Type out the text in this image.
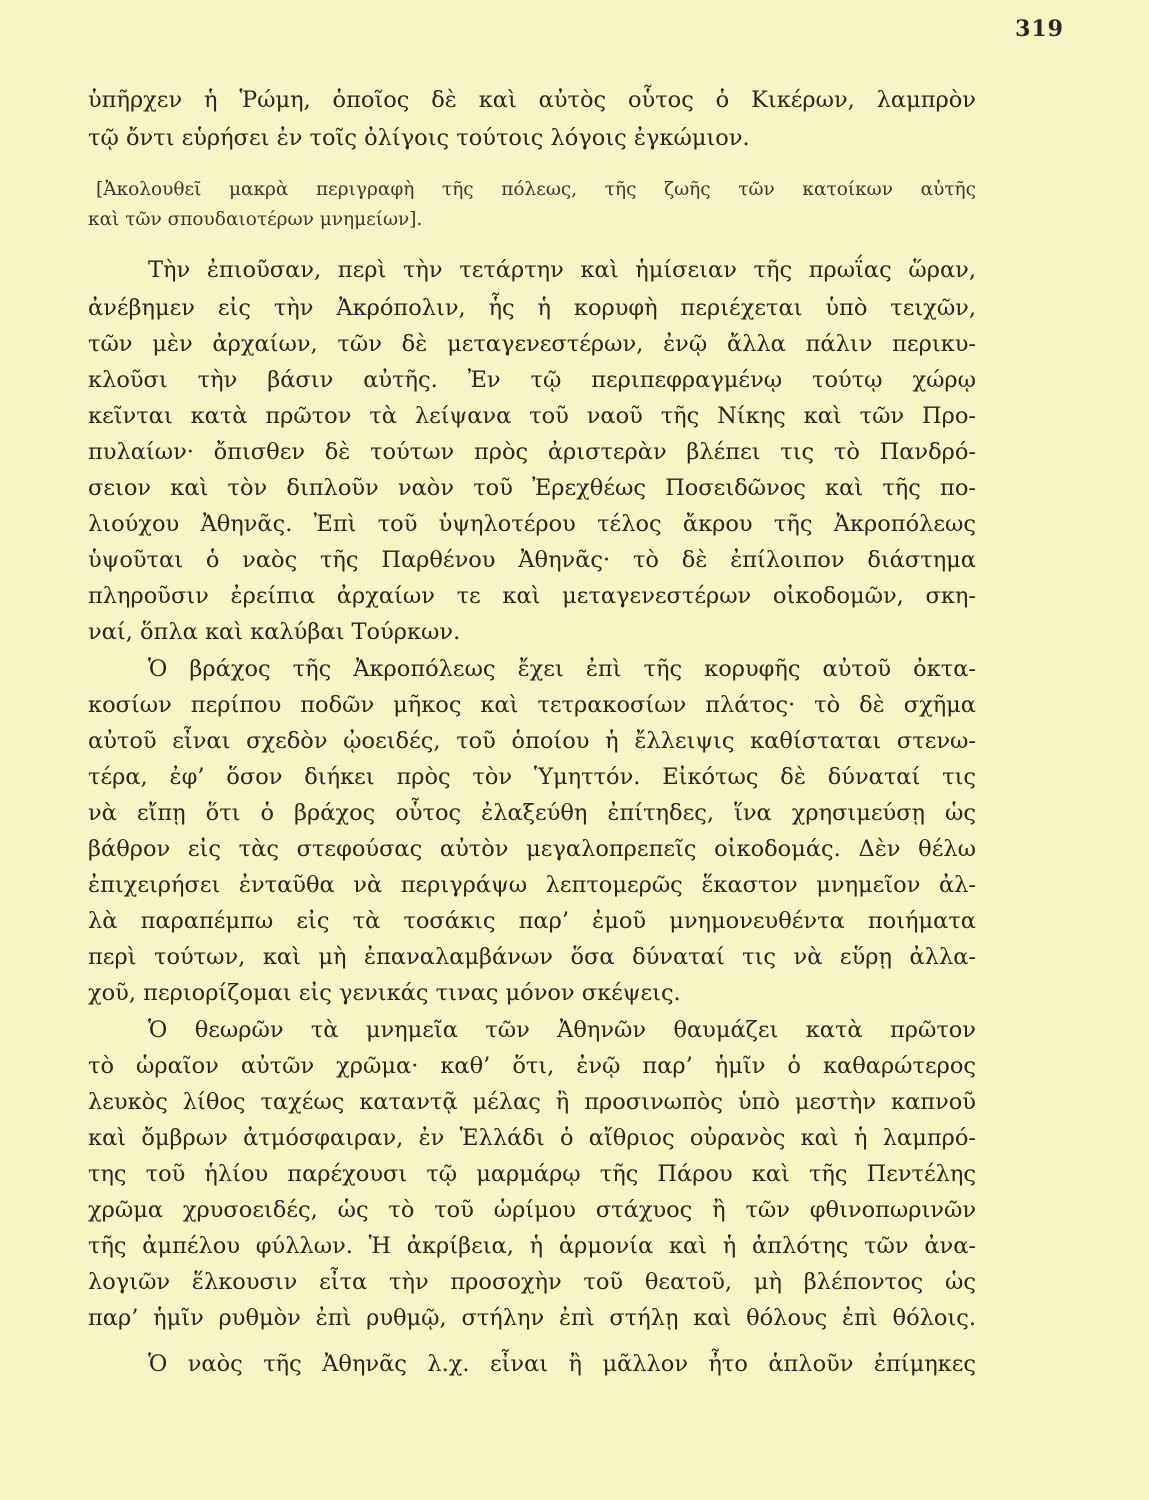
319
ὑπῆρχεν ἡ Ῥώμη, ὁποῖος δὲ καὶ αὐτὸς οὗτος ὁ Κικέρων, λαμπρὸν
τῷ ὄντι εὑρήσει ἐν τοῖς ὀλίγοις τούτοις λόγοις ἐγκώμιον.
[Ἀκολουθεῖ μακρὰ περιγραφὴ τῆς πόλεως, τῆς ζωῆς τῶν κατοίκων αὐτῆς
καὶ τῶν σπουδαιοτέρων μνημείων].
Τὴν ἐπιοῦσαν, περὶ τὴν τετάρτην καὶ ἡμίσειαν τῆς πρωΐας ὥραν,
ἀνέβημεν εἰς τὴν Ἀκρόπολιν, ἧς ἡ κορυφὴ περιέχεται ὑπὸ τειχῶν,
τῶν μὲν ἀρχαίων, τῶν δὲ μεταγενεστέρων, ἐνῷ ἄλλα πάλιν περικυ-
κλοῦσι τὴν βάσιν αὐτῆς. Ἐν τῷ περιπεφραγμένῳ τούτῳ χώρῳ
κεῖνται κατὰ πρῶτον τὰ λείψανα τοῦ ναοῦ τῆς Νίκης καὶ τῶν Προ-
πυλαίων· ὄπισθεν δὲ τούτων πρὸς ἀριστερὰν βλέπει τις τὸ Πανδρό-
σειον καὶ τὸν διπλοῦν ναὸν τοῦ Ἐρεχθέως Ποσειδῶνος καὶ τῆς πο-
λιούχου Ἀθηνᾶς. Ἐπὶ τοῦ ὑψηλοτέρου τέλος ἄκρου τῆς Ἀκροπόλεως
ὑψοῦται ὁ ναὸς τῆς Παρθένου Ἀθηνᾶς· τὸ δὲ ἐπίλοιπον διάστημα
πληροῦσιν ἐρείπια ἀρχαίων τε καὶ μεταγενεστέρων οἰκοδομῶν, σκη-
ναί, ὅπλα καὶ καλύβαι Τούρκων.
Ὁ βράχος τῆς Ἀκροπόλεως ἔχει ἐπὶ τῆς κορυφῆς αὐτοῦ ὀκτα-
κοσίων περίπου ποδῶν μῆκος καὶ τετρακοσίων πλάτος· τὸ δὲ σχῆμα
αὐτοῦ εἶναι σχεδὸν ᾠοειδές, τοῦ ὁποίου ἡ ἔλλειψις καθίσταται στενω-
τέρα, ἐφ’ ὅσον διήκει πρὸς τὸν Ὑμηττόν. Εἰκότως δὲ δύναταί τις
νὰ εἴπῃ ὅτι ὁ βράχος οὗτος ἐλαξεύθη ἐπίτηδες, ἵνα χρησιμεύσῃ ὡς
βάθρον εἰς τὰς στεφούσας αὐτὸν μεγαλοπρεπεῖς οἰκοδομάς. Δὲν θέλω
ἐπιχειρήσει ἐνταῦθα νὰ περιγράψω λεπτομερῶς ἕκαστον μνημεῖον ἀλ-
λὰ παραπέμπω εἰς τὰ τοσάκις παρ’ ἐμοῦ μνημονευθέντα ποιήματα
περὶ τούτων, καὶ μὴ ἐπαναλαμβάνων ὅσα δύναταί τις νὰ εὕρῃ ἀλλα-
χοῦ, περιορίζομαι εἰς γενικάς τινας μόνον σκέψεις.
Ὁ θεωρῶν τὰ μνημεῖα τῶν Ἀθηνῶν θαυμάζει κατὰ πρῶτον
τὸ ὡραῖον αὐτῶν χρῶμα· καθ’ ὅτι, ἐνῷ παρ’ ἡμῖν ὁ καθαρώτερος
λευκὸς λίθος ταχέως καταντᾷ μέλας ἢ προσινωπὸς ὑπὸ μεστὴν καπνοῦ
καὶ ὄμβρων ἀτμόσφαιραν, ἐν Ἑλλάδι ὁ αἴθριος οὐρανὸς καὶ ἡ λαμπρό-
της τοῦ ἡλίου παρέχουσι τῷ μαρμάρῳ τῆς Πάρου καὶ τῆς Πεντέλης
χρῶμα χρυσοειδές, ὡς τὸ τοῦ ὡρίμου στάχυος ἢ τῶν φθινοπωρινῶν
τῆς ἀμπέλου φύλλων. Ἡ ἀκρίβεια, ἡ ἁρμονία καὶ ἡ ἁπλότης τῶν ἀνα-
λογιῶν ἕλκουσιν εἶτα τὴν προσοχὴν τοῦ θεατοῦ, μὴ βλέποντος ὡς
παρ’ ἡμῖν ρυθμὸν ἐπὶ ρυθμῷ, στήλην ἐπὶ στήλῃ καὶ θόλους ἐπὶ θόλοις.
Ὁ ναὸς τῆς Ἀθηνᾶς λ.χ. εἶναι ἢ μᾶλλον ἦτο ἁπλοῦν ἐπίμηκες
